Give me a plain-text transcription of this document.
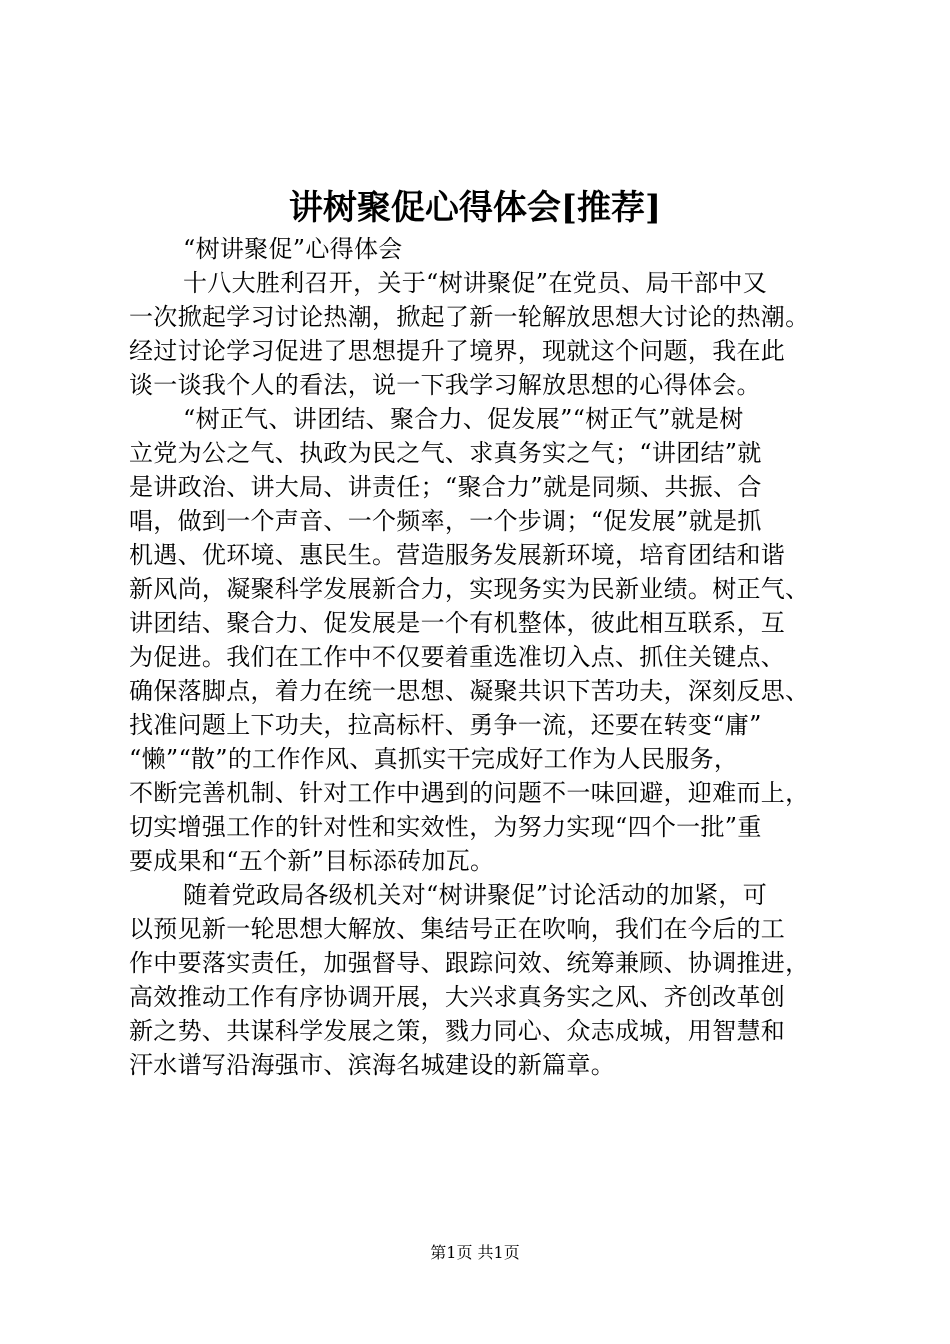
讲树聚促心得体会[推荐]
“树讲聚促”心得体会
十八大胜利召开，关于“树讲聚促”在党员、局干部中又
一次掀起学习讨论热潮，掀起了新一轮解放思想大讨论的热潮。
经过讨论学习促进了思想提升了境界，现就这个问题，我在此
谈一谈我个人的看法，说一下我学习解放思想的心得体会。
“树正气、讲团结、聚合力、促发展”“树正气”就是树
立党为公之气、执政为民之气、求真务实之气；“讲团结”就
是讲政治、讲大局、讲责任；“聚合力”就是同频、共振、合
唱，做到一个声音、一个频率，一个步调；“促发展”就是抓
机遇、优环境、惠民生。营造服务发展新环境，培育团结和谐
新风尚，凝聚科学发展新合力，实现务实为民新业绩。树正气、
讲团结、聚合力、促发展是一个有机整体，彼此相互联系，互
为促进。我们在工作中不仅要着重选准切入点、抓住关键点、
确保落脚点，着力在统一思想、凝聚共识下苦功夫，深刻反思、
找准问题上下功夫，拉高标杆、勇争一流，还要在转变“庸”
“懒”“散”的工作作风、真抓实干完成好工作为人民服务，
不断完善机制、针对工作中遇到的问题不一味回避，迎难而上，
切实增强工作的针对性和实效性，为努力实现“四个一批”重
要成果和“五个新”目标添砖加瓦。
随着党政局各级机关对“树讲聚促”讨论活动的加紧，可
以预见新一轮思想大解放、集结号正在吹响，我们在今后的工
作中要落实责任，加强督导、跟踪问效、统筹兼顾、协调推进，
高效推动工作有序协调开展，大兴求真务实之风、齐创改革创
新之势、共谋科学发展之策，戮力同心、众志成城，用智慧和
汗水谱写沿海强市、滨海名城建设的新篇章。
第1页 共1页
